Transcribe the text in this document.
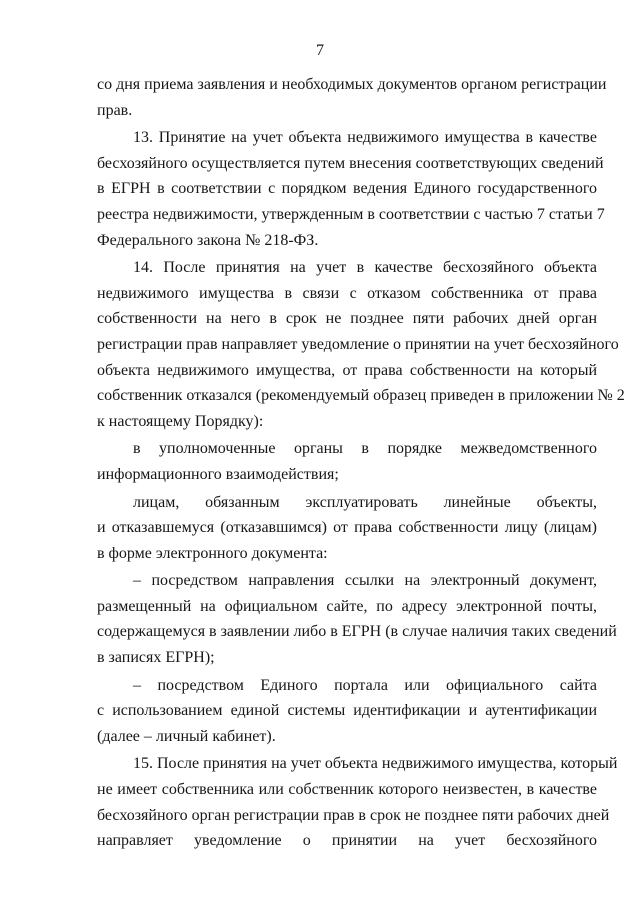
7
со дня приема заявления и необходимых документов органом регистрации
прав.
13. Принятие на учет объекта недвижимого имущества в качестве
бесхозяйного осуществляется путем внесения соответствующих сведений
в ЕГРН в соответствии с порядком ведения Единого государственного
реестра недвижимости, утвержденным в соответствии с частью 7 статьи 7
Федерального закона № 218-ФЗ.
14. После принятия на учет в качестве бесхозяйного объекта
недвижимого имущества в связи с отказом собственника от права
собственности на него в срок не позднее пяти рабочих дней орган
регистрации прав направляет уведомление о принятии на учет бесхозяйного
объекта недвижимого имущества, от права собственности на который
собственник отказался (рекомендуемый образец приведен в приложении № 2
к настоящему Порядку):
в уполномоченные органы в порядке межведомственного
информационного взаимодействия;
лицам, обязанным эксплуатировать линейные объекты,
и отказавшемуся (отказавшимся) от права собственности лицу (лицам)
в форме электронного документа:
– посредством направления ссылки на электронный документ,
размещенный на официальном сайте, по адресу электронной почты,
содержащемуся в заявлении либо в ЕГРН (в случае наличия таких сведений
в записях ЕГРН);
– посредством Единого портала или официального сайта
с использованием единой системы идентификации и аутентификации
(далее – личный кабинет).
15. После принятия на учет объекта недвижимого имущества, который
не имеет собственника или собственник которого неизвестен, в качестве
бесхозяйного орган регистрации прав в срок не позднее пяти рабочих дней
направляет уведомление о принятии на учет бесхозяйного
